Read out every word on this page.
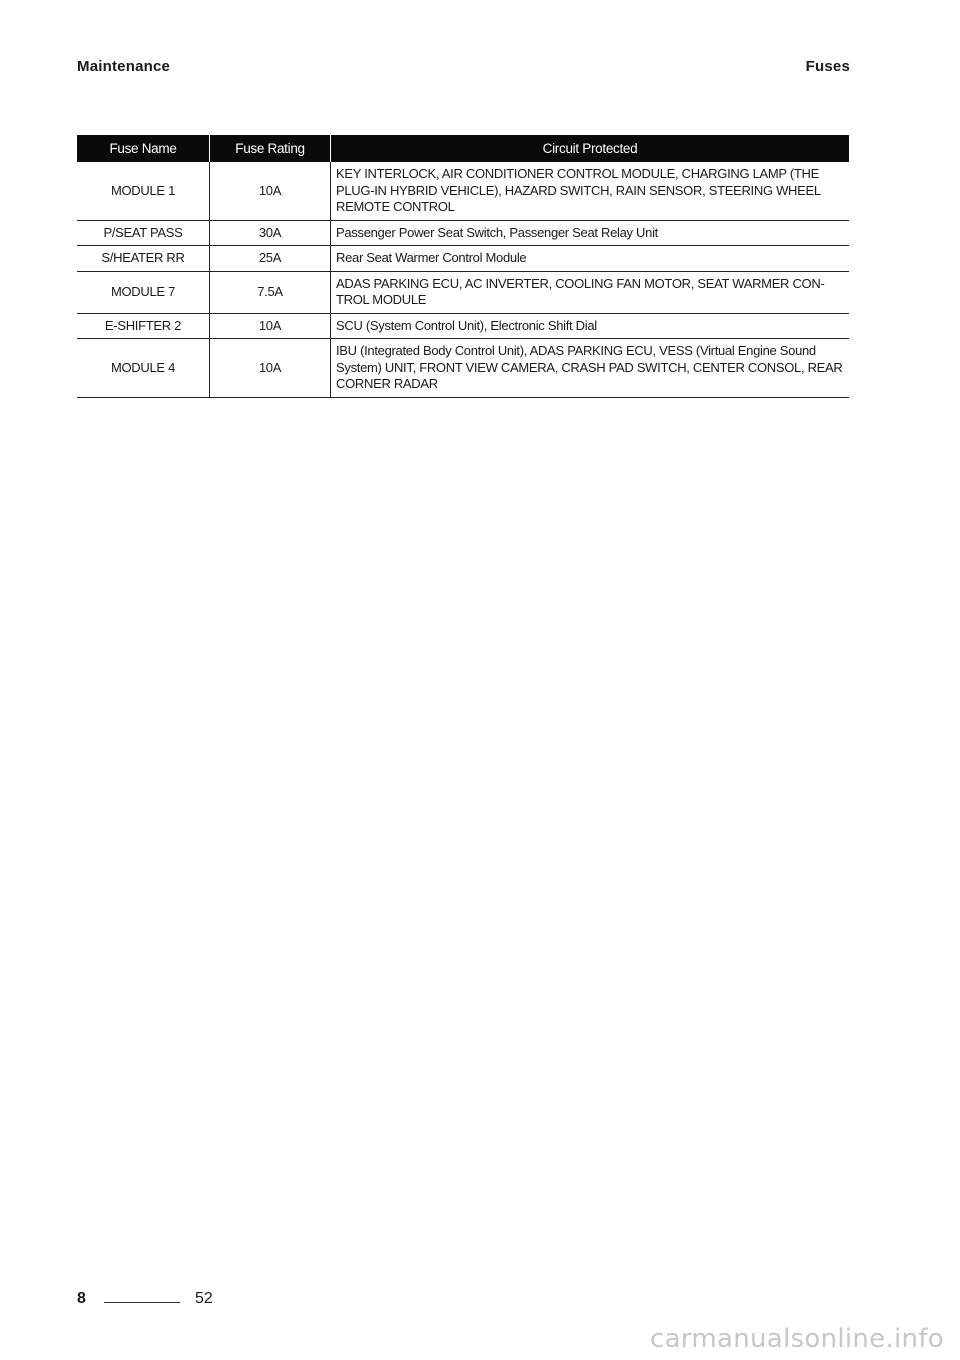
Maintenance	Fuses
Fuse Name	Fuse Rating	Circuit Protected
MODULE 1	10A	KEY INTERLOCK, AIR CONDITIONER CONTROL MODULE, CHARGING LAMP (THE PLUG-IN HYBRID VEHICLE), HAZARD SWITCH, RAIN SENSOR, STEERING WHEEL REMOTE CONTROL
P/SEAT PASS	30A	Passenger Power Seat Switch, Passenger Seat Relay Unit
S/HEATER RR	25A	Rear Seat Warmer Control Module
MODULE 7	7.5A	ADAS PARKING ECU, AC INVERTER, COOLING FAN MOTOR, SEAT WARMER CON-TROL MODULE
E-SHIFTER 2	10A	SCU (System Control Unit), Electronic Shift Dial
MODULE 4	10A	IBU (Integrated Body Control Unit), ADAS PARKING ECU, VESS (Virtual Engine Sound System) UNIT, FRONT VIEW CAMERA, CRASH PAD SWITCH, CENTER CONSOL, REAR CORNER RADAR
8	52
carmanualsonline.info
